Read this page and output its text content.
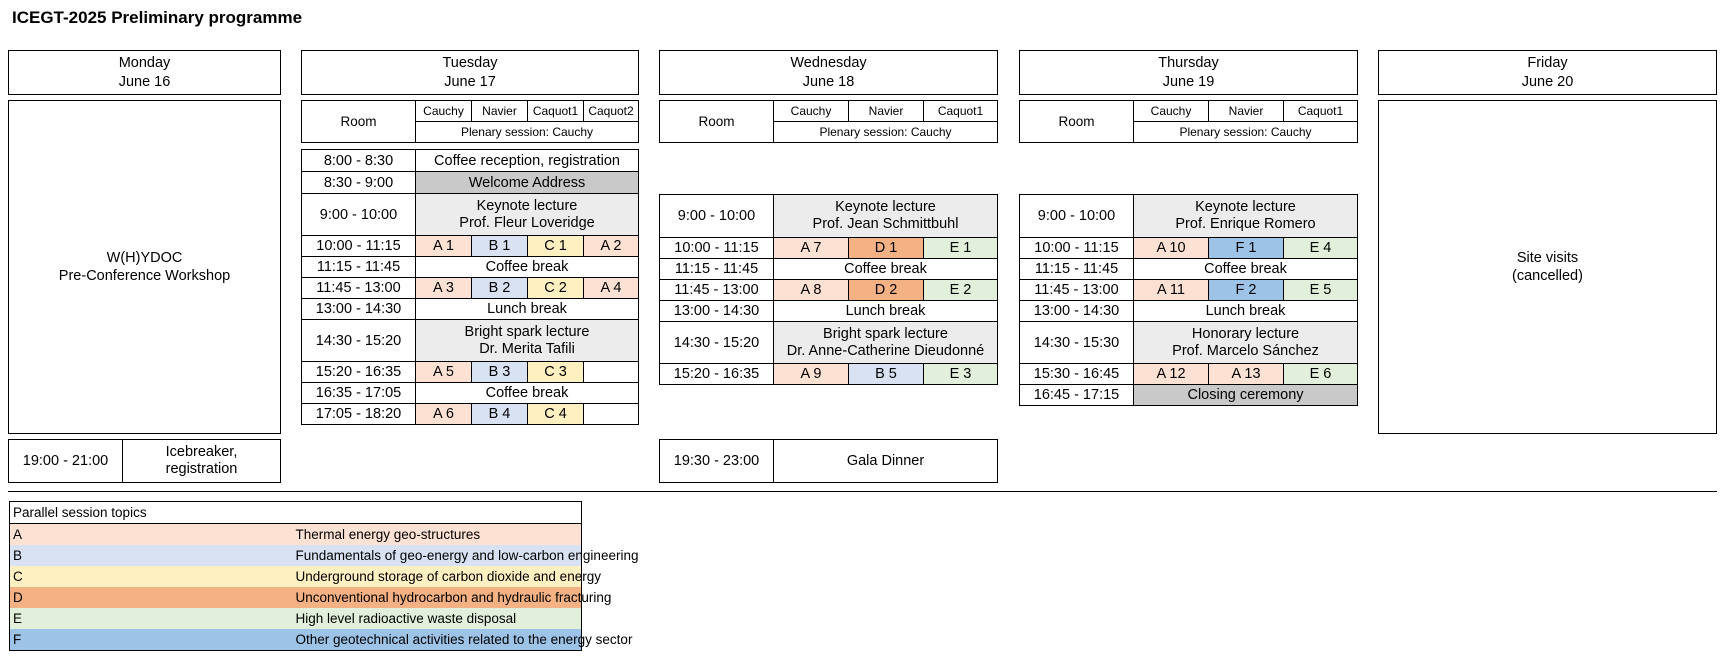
ICEGT-2025 Preliminary programme
Monday
June 16
Tuesday
June 17
Wednesday
June 18
Thursday
June 19
Friday
June 20
W(H)YDOC
Pre-Conference Workshop
19:00 - 21:00	
Icebreaker,
registration
Room	Cauchy	Navier	Caquot1	Caquot2
Plenary session: Cauchy
8:00 - 8:30	Coffee reception, registration			
8:30 - 9:00	Welcome Address			
9:00 - 10:00	Keynote lecture
Prof. Fleur Loveridge			

10:00 - 11:15	A 1	B 1	C 1	A 2
11:15 - 11:45	Coffee break			
11:45 - 13:00	A 3	B 2	C 2	A 4
13:00 - 14:30	Lunch break			
14:30 - 15:20	Bright spark lecture
Dr. Merita Tafili			

15:20 - 16:35	A 5	B 3	C 3	
16:35 - 17:05	Coffee break			
17:05 - 18:20	A 6	B 4	C 4	
Room	Cauchy	Navier	Caquot1
Plenary session: Cauchy
9:00 - 10:00	Keynote lecture
Prof. Jean Schmittbuhl		

10:00 - 11:15	A 7	D 1	E 1
11:15 - 11:45	Coffee break		
11:45 - 13:00	A 8	D 2	E 2
13:00 - 14:30	Lunch break		
14:30 - 15:20	Bright spark lecture
Dr. Anne-Catherine Dieudonné		

15:20 - 16:35	A 9	B 5	E 3
19:30 - 23:00	Gala Dinner
Room	Cauchy	Navier	Caquot1
Plenary session: Cauchy
9:00 - 10:00	Keynote lecture
Prof. Enrique Romero		

10:00 - 11:15	A 10	F 1	E 4
11:15 - 11:45	Coffee break		
11:45 - 13:00	A 11	F 2	E 5
13:00 - 14:30	Lunch break		
14:30 - 15:30	Honorary lecture
Prof. Marcelo Sánchez		

15:30 - 16:45	A 12	A 13	E 6
16:45 - 17:15	Closing ceremony		
Site visits
(cancelled)
Parallel session topics	
A	Thermal energy geo-structures
B	Fundamentals of geo-energy and low-carbon engineering
C	Underground storage of carbon dioxide and energy
D	Unconventional hydrocarbon and hydraulic fracturing
E	High level radioactive waste disposal
F	Other geotechnical activities related to the energy sector
